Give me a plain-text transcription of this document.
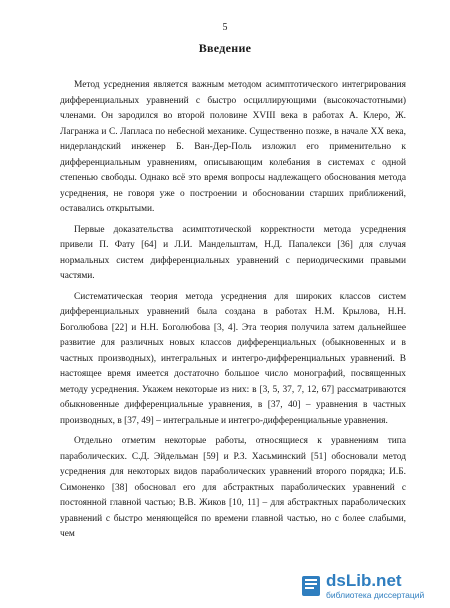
5
Введение

Метод усреднения является важным методом асимптотического интегрирования дифференциальных уравнений с быстро осциллирующими (высокочастотными) членами. Он зародился во второй половине XVIII века в работах А. Клеро, Ж. Лагранжа и С. Лапласа по небесной механике. Существенно позже, в начале XX века, нидерландский инженер Б. Ван-Дер-Поль изложил его применительно к дифференциальным уравнениям, описывающим колебания в системах с одной степенью свободы. Однако всё это время вопросы надлежащего обоснования метода усреднения, не говоря уже о построении и обосновании старших приближений, оставались открытыми.

Первые доказательства асимптотической корректности метода усреднения привели П. Фату [64] и Л.И. Мандельштам, Н.Д. Папалекси [36] для случая нормальных систем дифференциальных уравнений с периодическими правыми частями.

Систематическая теория метода усреднения для широких классов систем дифференциальных уравнений была создана в работах Н.М. Крылова, Н.Н. Боголюбова [22] и Н.Н. Боголюбова [3, 4]. Эта теория получила затем дальнейшее развитие для различных новых классов дифференциальных (обыкновенных и в частных производных), интегральных и интегро-дифференциальных уравнений. В настоящее время имеется достаточно большое число монографий, посвященных методу усреднения. Укажем некоторые из них: в [3, 5, 37, 7, 12, 67] рассматриваются обыкновенные дифференциальные уравнения, в [37, 40] – уравнения в частных производных, в [37, 49] – интегральные и интегро-дифференциальные уравнения.

Отдельно отметим некоторые работы, относящиеся к уравнениям типа параболических. С.Д. Эйдельман [59] и Р.З. Хасьминский [51] обосновали метод усреднения для некоторых видов параболических уравнений второго порядка; И.Б. Симоненко [38] обосновал его для абстрактных параболических уравнений с постоянной главной частью; В.В. Жиков [10, 11] – для абстрактных параболических уравнений с быстро меняющейся по времени главной частью, но с более слабыми, чем

dsLib.net
библиотека диссертаций
